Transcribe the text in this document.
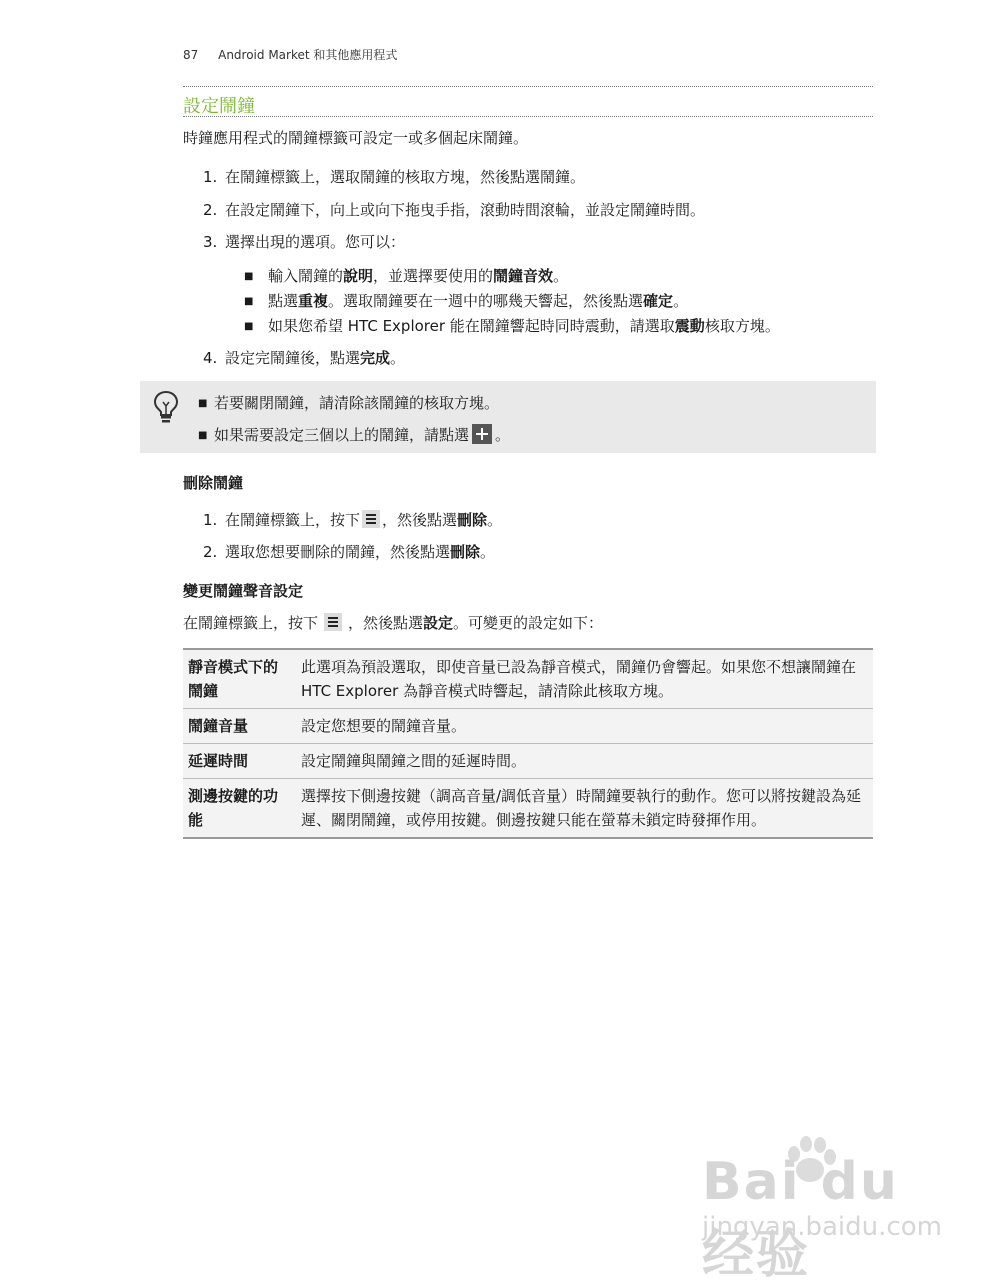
87 Android Market 和其他應用程式
設定鬧鐘
時鐘應用程式的鬧鐘標籤可設定一或多個起床鬧鐘。
1. 在鬧鐘標籤上，選取鬧鐘的核取方塊，然後點選鬧鐘。
2. 在設定鬧鐘下，向上或向下拖曳手指，滾動時間滾輪，並設定鬧鐘時間。
3. 選擇出現的選項。您可以：
■ 輸入鬧鐘的說明，並選擇要使用的鬧鐘音效。
■ 點選重複。選取鬧鐘要在一週中的哪幾天響起，然後點選確定。
■ 如果您希望 HTC Explorer 能在鬧鐘響起時同時震動，請選取震動核取方塊。
4. 設定完鬧鐘後，點選完成。
■ 若要關閉鬧鐘，請清除該鬧鐘的核取方塊。
■ 如果需要設定三個以上的鬧鐘，請點選 。
刪除鬧鐘
1. 在鬧鐘標籤上，按下 ，然後點選刪除。
2. 選取您想要刪除的鬧鐘，然後點選刪除。
變更鬧鐘聲音設定
在鬧鐘標籤上，按下 ，然後點選設定。可變更的設定如下：
靜音模式下的鬧鐘	此選項為預設選取，即使音量已設為靜音模式，鬧鐘仍會響起。如果您不想讓鬧鐘在 HTC Explorer 為靜音模式時響起，請清除此核取方塊。
鬧鐘音量	設定您想要的鬧鐘音量。
延遲時間	設定鬧鐘與鬧鐘之間的延遲時間。
測邊按鍵的功能	選擇按下側邊按鍵（調高音量/調低音量）時鬧鐘要執行的動作。您可以將按鍵設為延遲、關閉鬧鐘，或停用按鍵。側邊按鍵只能在螢幕未鎖定時發揮作用。
Bai du 经验
jingyan.baidu.com
